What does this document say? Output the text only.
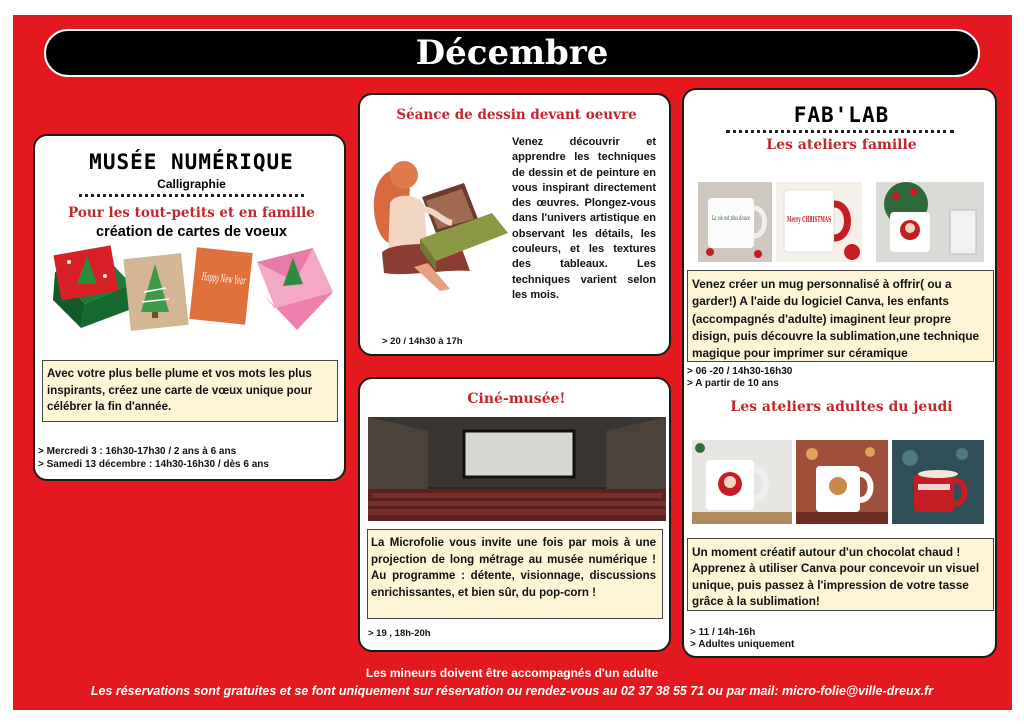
Décembre
MUSÉE NUMÉRIQUE
Calligraphie
Pour les tout-petits et en famille
création de cartes de voeux
Avec votre plus belle plume et vos mots les plus inspirants, créez une carte de vœux unique pour célébrer la fin d'année.
> Mercredi 3 : 16h30-17h30 / 2 ans à 6 ans
> Samedi 13 décembre : 14h30-16h30 / dès 6 ans
Séance de dessin devant oeuvre
Venez découvrir et apprendre les techniques de dessin et de peinture en vous inspirant directement des œuvres. Plongez-vous dans l'univers artistique en observant les détails, les couleurs, et les textures des tableaux. Les techniques varient selon les mois.
> 20 / 14h30 à 17h
Ciné-musée!
La Microfolie vous invite une fois par mois à une projection de long métrage au musée numérique ! Au programme : détente, visionnage, discussions enrichissantes, et bien sûr, du pop-corn !
> 19 , 18h-20h
FAB'LAB
Les ateliers famille
La vie est plus douce	Merry CHRISTMAS
Venez créer un mug personnalisé à offrir( ou a garder!) A l'aide du logiciel Canva, les enfants (accompagnés d'adulte) imaginent leur propre disign, puis découvre la sublimation,une technique magique pour imprimer sur céramique
> 06 -20 / 14h30-16h30
> A partir de 10 ans
Les ateliers adultes du jeudi
Un moment créatif autour d'un chocolat chaud ! Apprenez à utiliser Canva pour concevoir un visuel unique, puis passez à l'impression de votre tasse grâce à la sublimation!
> 11 / 14h-16h
> Adultes uniquement
Les mineurs doivent être accompagnés d'un adulte
Les réservations sont gratuites et se font uniquement sur réservation ou rendez-vous au 02 37 38 55 71 ou par mail: micro-folie@ville-dreux.fr
